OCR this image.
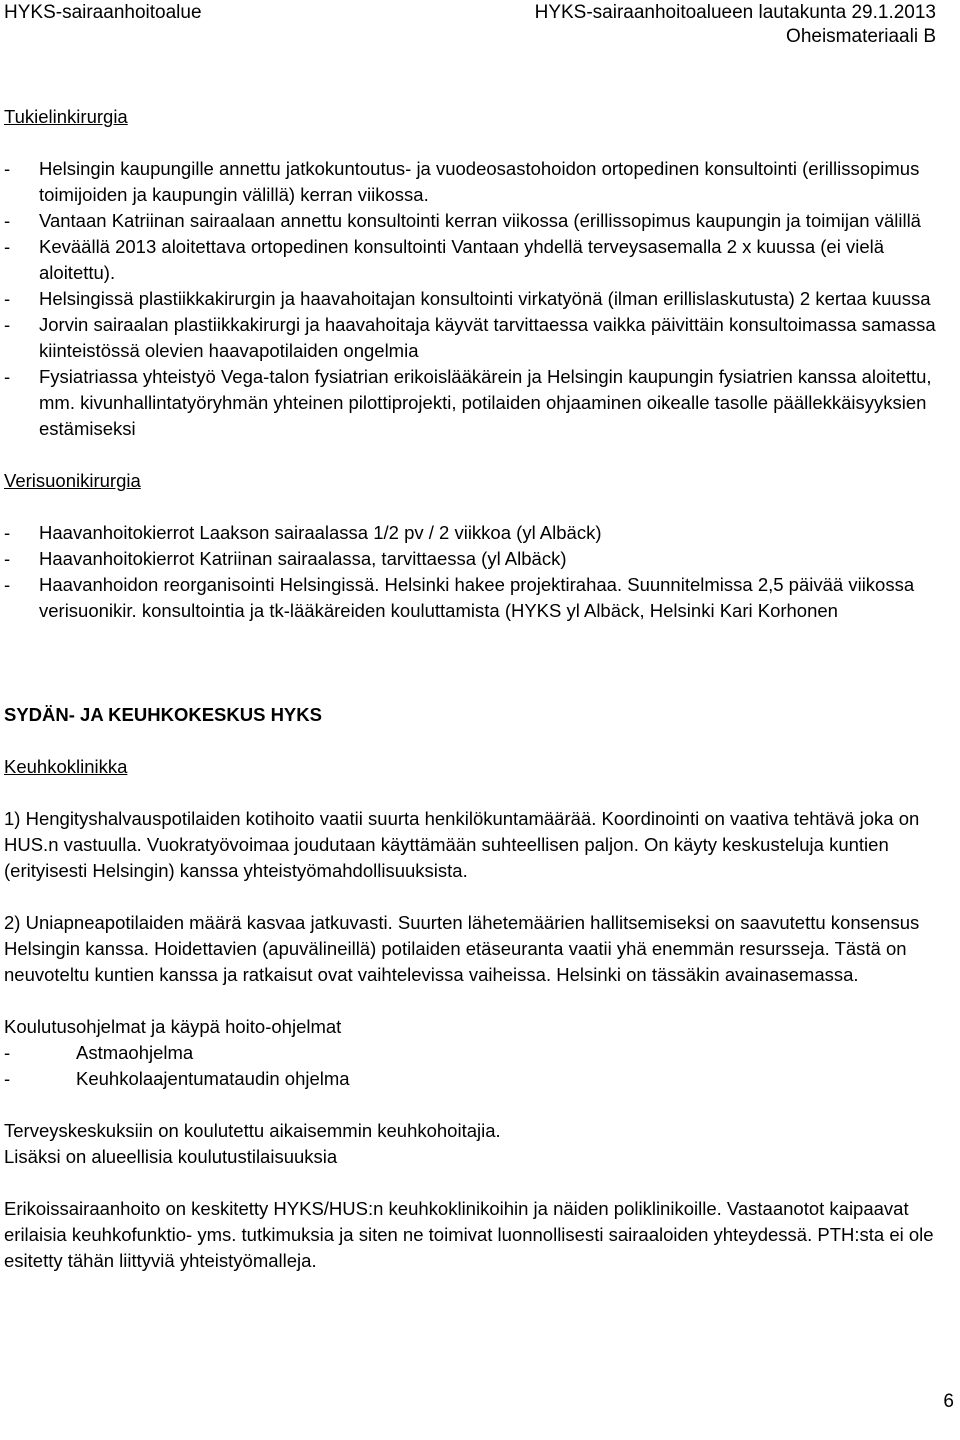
HYKS-sairaanhoitoalue	HYKS-sairaanhoitoalueen lautakunta 29.1.2013
Oheismateriaali B
Tukielinkirurgia
- Helsingin kaupungille annettu jatkokuntoutus- ja vuodeosastohoidon ortopedinen konsultointi (erillissopimus toimijoiden ja kaupungin välillä) kerran viikossa.
- Vantaan Katriinan sairaalaan annettu konsultointi kerran viikossa (erillissopimus kaupungin ja toimijan välillä
- Keväällä 2013 aloitettava ortopedinen konsultointi Vantaan yhdellä terveysasemalla 2 x kuussa (ei vielä aloitettu).
- Helsingissä plastiikkakirurgin ja haavahoitajan konsultointi virkatyönä (ilman erillislaskutusta) 2 kertaa kuussa
- Jorvin sairaalan plastiikkakirurgi ja haavahoitaja käyvät tarvittaessa vaikka päivittäin konsultoimassa samassa kiinteistössä olevien haavapotilaiden ongelmia
- Fysiatriassa yhteistyö Vega-talon fysiatrian erikoislääkärein ja Helsingin kaupungin fysiatrien kanssa aloitettu, mm. kivunhallintatyöryhmän yhteinen pilottiprojekti, potilaiden ohjaaminen oikealle tasolle päällekkäisyyksien estämiseksi
Verisuonikirurgia
- Haavanhoitokierrot Laakson sairaalassa 1/2 pv / 2 viikkoa (yl Albäck)
- Haavanhoitokierrot Katriinan sairaalassa, tarvittaessa (yl Albäck)
- Haavanhoidon reorganisointi Helsingissä. Helsinki hakee projektirahaa. Suunnitelmissa 2,5 päivää viikossa verisuonikir. konsultointia ja tk-lääkäreiden kouluttamista (HYKS yl Albäck, Helsinki Kari Korhonen
SYDÄN- JA KEUHKOKESKUS HYKS
Keuhkoklinikka

1) Hengityshalvauspotilaiden kotihoito vaatii suurta henkilökuntamäärää. Koordinointi on vaativa tehtävä joka on HUS.n vastuulla. Vuokratyövoimaa joudutaan käyttämään suhteellisen paljon. On käyty keskusteluja kuntien (erityisesti Helsingin) kanssa yhteistyömahdollisuuksista.

2) Uniapneapotilaiden määrä kasvaa jatkuvasti. Suurten lähetemäärien hallitsemiseksi on saavutettu konsensus Helsingin kanssa. Hoidettavien (apuvälineillä) potilaiden etäseuranta vaatii yhä enemmän resursseja. Tästä on neuvoteltu kuntien kanssa ja ratkaisut ovat vaihtelevissa vaiheissa. Helsinki on tässäkin avainasemassa.

Koulutusohjelmat ja käypä hoito-ohjelmat

- Astmaohjelma
- Keuhkolaajentumataudin ohjelma

Terveyskeskuksiin on koulutettu aikaisemmin keuhkohoitajia.

Lisäksi on alueellisia koulutustilaisuuksia

Erikoissairaanhoito on keskitetty HYKS/HUS:n keuhkoklinikoihin ja näiden poliklinikoille. Vastaanotot kaipaavat erilaisia keuhkofunktio- yms. tutkimuksia ja siten ne toimivat luonnollisesti sairaaloiden yhteydessä. PTH:sta ei ole esitetty tähän liittyviä yhteistyömalleja.

6
